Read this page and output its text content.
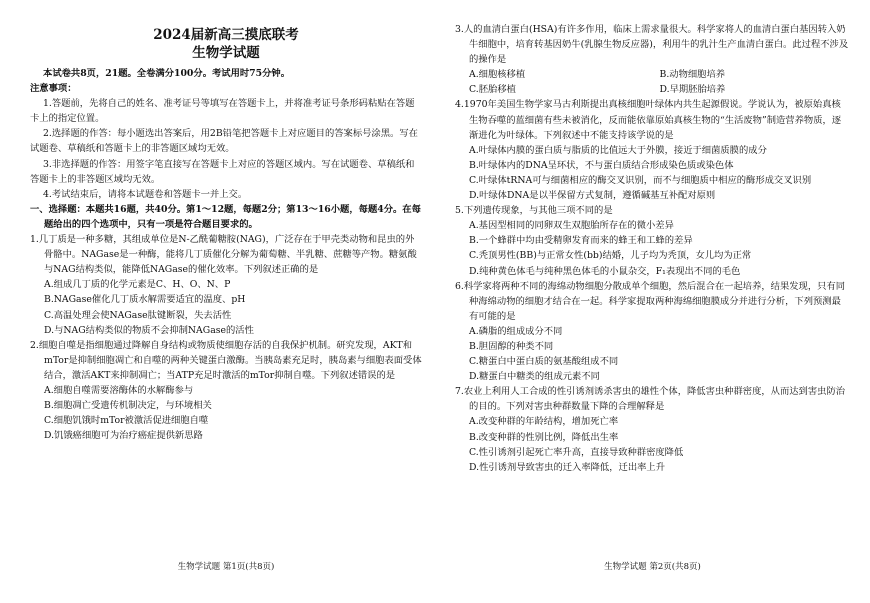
2024届新高三摸底联考
生物学试题

本试卷共8页，21题。全卷满分100分。考试用时75分钟。

注意事项：

1.答题前，先将自己的姓名、准考证号等填写在答题卡上，并将准考证号条形码粘贴在答题卡上的指定位置。

2.选择题的作答：每小题选出答案后，用2B铅笔把答题卡上对应题目的答案标号涂黑。写在试题卷、草稿纸和答题卡上的非答题区域均无效。

3.非选择题的作答：用签字笔直接写在答题卡上对应的答题区域内。写在试题卷、草稿纸和答题卡上的非答题区域均无效。

4.考试结束后，请将本试题卷和答题卡一并上交。

一、选择题：本题共16题，共40分。第1～12题，每题2分；第13～16小题，每题4分。在每题给出的四个选项中，只有一项是符合题目要求的。

1.几丁质是一种多糖，其组成单位是N-乙酰葡糖胺(NAG)，广泛存在于甲壳类动物和昆虫的外骨骼中。NAGase是一种酶，能将几丁质催化分解为葡萄糖、半乳糖、蔗糖等产物。糖氨酸与NAG结构类似，能降低NAGase的催化效率。下列叙述正确的是

A.组成几丁质的化学元素是C、H、O、N、P
B.NAGase催化几丁质水解需要适宜的温度、pH
C.高温处理会使NAGase肽键断裂，失去活性
D.与NAG结构类似的物质不会抑制NAGase的活性

2.细胞自噬是指细胞通过降解自身结构或物质使细胞存活的自我保护机制。研究发现，AKT和mTor是抑制细胞凋亡和自噬的两种关键蛋白激酶。当胰岛素充足时，胰岛素与细胞表面受体结合，激活AKT来抑制凋亡；当ATP充足时激活的mTor抑制自噬。下列叙述错误的是

A.细胞自噬需要溶酶体的水解酶参与
B.细胞凋亡受遗传机制决定，与环境相关
C.细胞饥饿时mTor被激活促进细胞自噬
D.饥饿癌细胞可为治疗癌症提供新思路
生物学试题 第1页(共8页)

3.人的血清白蛋白(HSA)有许多作用，临床上需求量很大。科学家将人的血清白蛋白基因转入奶牛细胞中，培育转基因奶牛(乳腺生物反应器)，利用牛的乳汁生产血清白蛋白。此过程不涉及的操作是

A.细胞核移植	B.动物细胞培养
C.胚胎移植	D.早期胚胎培养

4.1970年美国生物学家马古利斯提出真核细胞叶绿体内共生起源假说。学说认为，被原始真核生物吞噬的蓝细菌有些未被消化，反而能依靠原始真核生物的“生活废物”制造营养物质，逐渐进化为叶绿体。下列叙述中不能支持该学说的是

A.叶绿体内膜的蛋白质与脂质的比值远大于外膜，接近于细菌质膜的成分
B.叶绿体内的DNA呈环状，不与蛋白质结合形成染色质或染色体
C.叶绿体tRNA可与细菌相应的酶交叉识别，而不与细胞质中相应的酶形成交叉识别
D.叶绿体DNA是以半保留方式复制，遵循碱基互补配对原则

5.下列遗传现象，与其他三项不同的是

A.基因型相同的同卵双生双胞胎所存在的微小差异
B.一个蜂群中均由受精卵发育而来的蜂王和工蜂的差异
C.秃顶男性(BB)与正常女性(bb)结婚，儿子均为秃顶，女儿均为正常
D.纯种黄色体毛与纯种黑色体毛的小鼠杂交，F₁表现出不同的毛色

6.科学家将两种不同的海绵动物细胞分散成单个细胞，然后混合在一起培养，结果发现，只有同种海绵动物的细胞才结合在一起。科学家提取两种海绵细胞膜成分并进行分析，下列预测最有可能的是

A.磷脂的组成成分不同
B.胆固醇的种类不同
C.糖蛋白中蛋白质的氨基酸组成不同
D.糖蛋白中糖类的组成元素不同

7.农业上利用人工合成的性引诱剂诱杀害虫的雄性个体，降低害虫种群密度，从而达到害虫防治的目的。下列对害虫种群数量下降的合理解释是

A.改变种群的年龄结构，增加死亡率
B.改变种群的性别比例，降低出生率
C.性引诱剂引起死亡率升高，直接导致种群密度降低
D.性引诱剂导致害虫的迁入率降低，迁出率上升
生物学试题 第2页(共8页)
